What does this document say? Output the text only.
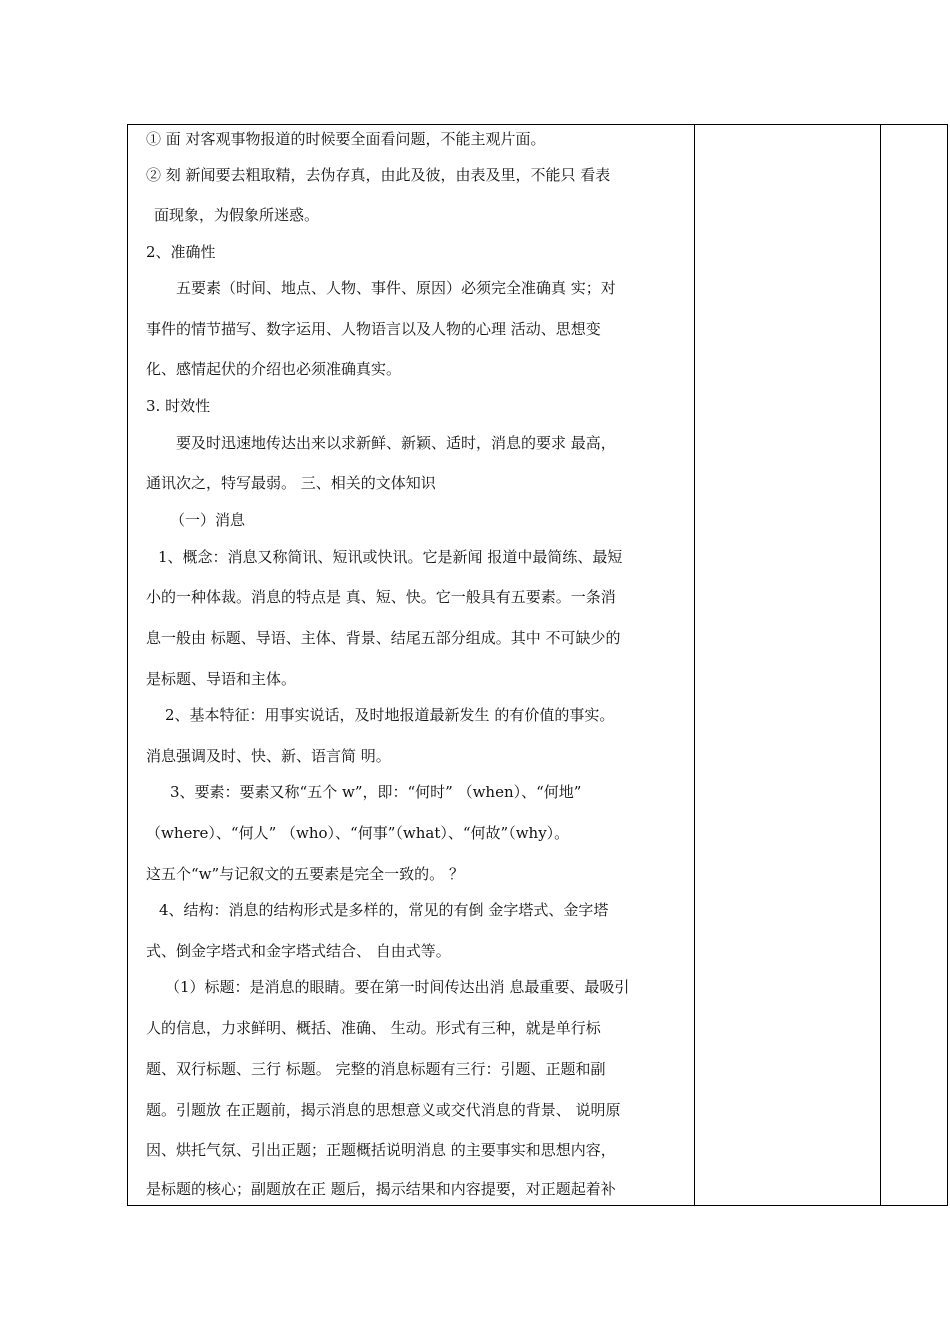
① 面 对客观事物报道的时候要全面看问题，不能主观片面。
② 刻 新闻要去粗取精，去伪存真，由此及彼，由表及里，不能只 看表
面现象，为假象所迷惑。
2、准确性
五要素（时间、地点、人物、事件、原因）必须完全准确真 实；对
事件的情节描写、数字运用、人物语言以及人物的心理 活动、思想变
化、感情起伏的介绍也必须准确真实。
3. 时效性
要及时迅速地传达出来以求新鲜、新颖、适时，消息的要求 最高，
通讯次之，特写最弱。 三、相关的文体知识
（一）消息
1、概念：消息又称简讯、短讯或快讯。它是新闻 报道中最简练、最短
小的一种体裁。消息的特点是 真、短、快。它一般具有五要素。一条消
息一般由 标题、导语、主体、背景、结尾五部分组成。其中 不可缺少的
是标题、导语和主体。
2、基本特征：用事实说话，及时地报道最新发生 的有价值的事实。
消息强调及时、快、新、语言简 明。
3、要素：要素又称“五个 w”，即：“何时” （when）、“何地”
（where）、“何人” （who）、“何事”（what）、“何故”（why）。
这五个“w”与记叙文的五要素是完全一致的。 ？
4、结构：消息的结构形式是多样的，常见的有倒 金字塔式、金字塔
式、倒金字塔式和金字塔式结合、 自由式等。
（1）标题：是消息的眼睛。要在第一时间传达出消 息最重要、最吸引
人的信息，力求鲜明、概括、准确、 生动。形式有三种，就是单行标
题、双行标题、三行 标题。 完整的消息标题有三行：引题、正题和副
题。引题放 在正题前，揭示消息的思想意义或交代消息的背景、 说明原
因、烘托气氛、引出正题；正题概括说明消息 的主要事实和思想内容，
是标题的核心；副题放在正 题后，揭示结果和内容提要，对正题起着补
